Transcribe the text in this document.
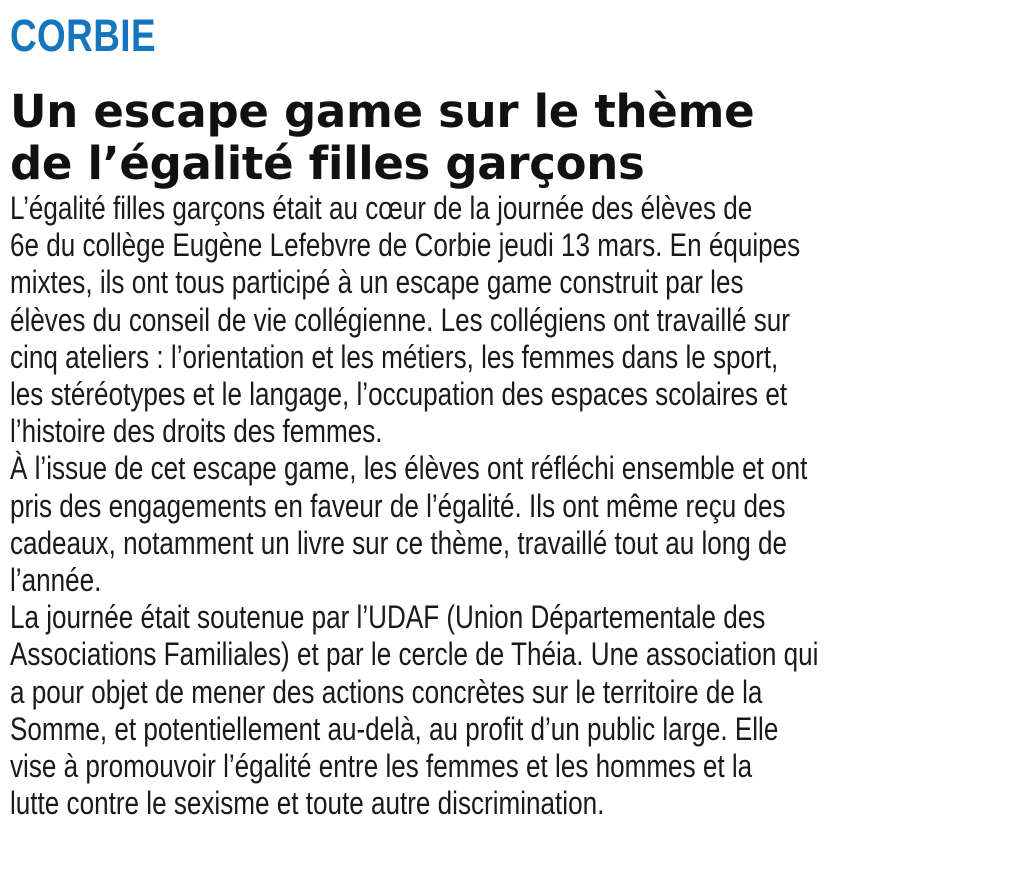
CORBIE
Un escape game sur le thème
de l’égalité filles garçons

L’égalité filles garçons était au cœur de la journée des élèves de
6e du collège Eugène Lefebvre de Corbie jeudi 13 mars. En équipes
mixtes, ils ont tous participé à un escape game construit par les
élèves du conseil de vie collégienne. Les collégiens ont travaillé sur
cinq ateliers : l’orientation et les métiers, les femmes dans le sport,
les stéréotypes et le langage, l’occupation des espaces scolaires et
l’histoire des droits des femmes.

À l’issue de cet escape game, les élèves ont réfléchi ensemble et ont
pris des engagements en faveur de l’égalité. Ils ont même reçu des
cadeaux, notamment un livre sur ce thème, travaillé tout au long de
l’année.

La journée était soutenue par l’UDAF (Union Départementale des
Associations Familiales) et par le cercle de Théia. Une association qui
a pour objet de mener des actions concrètes sur le territoire de la
Somme, et potentiellement au-delà, au profit d’un public large. Elle
vise à promouvoir l’égalité entre les femmes et les hommes et la
lutte contre le sexisme et toute autre discrimination.
